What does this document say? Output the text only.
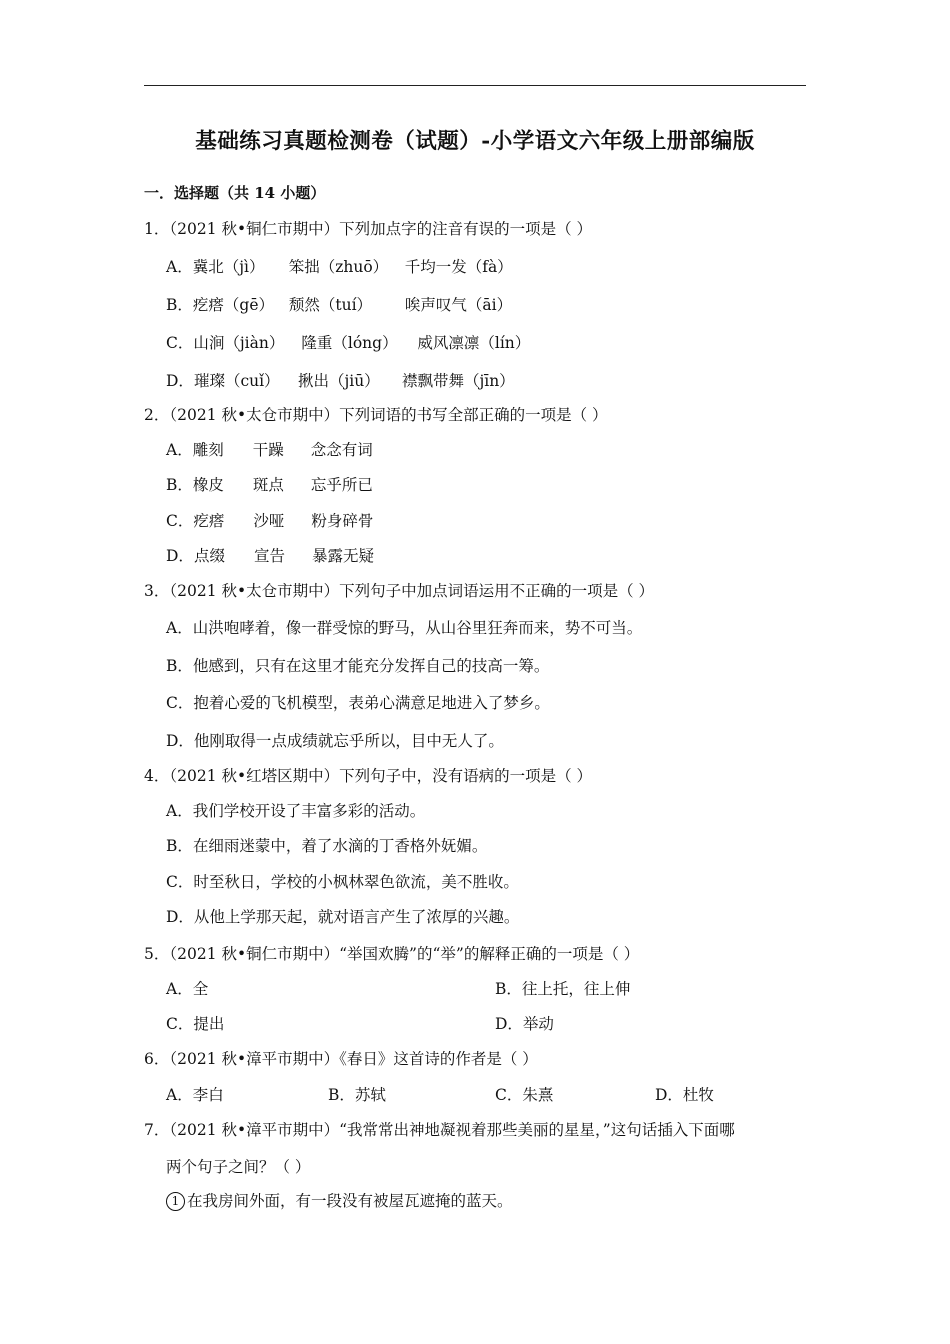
基础练习真题检测卷（试题）-小学语文六年级上册部编版
一．选择题（共 14 小题）
1．（2021 秋•铜仁市期中）下列加点字的注音有误的一项是（ ）
A．冀北（jì） 笨拙（zhuō） 千均一发（fà）
B．疙瘩（gē） 颓然（tuí） 唉声叹气（āi）
C．山涧（jiàn） 隆重（lóng） 威风凛凛（lín）
D．璀璨（cuǐ） 揪出（jiū） 襟飘带舞（jīn）
2．（2021 秋•太仓市期中）下列词语的书写全部正确的一项是（ ）
A．雕刻 干躁 念念有词
B．橡皮 斑点 忘乎所已
C．疙瘩 沙哑 粉身碎骨
D．点缀 宣告 暴露无疑
3．（2021 秋•太仓市期中）下列句子中加点词语运用不正确的一项是（ ）
A．山洪咆哮着，像一群受惊的野马，从山谷里狂奔而来，势不可当。
B．他感到，只有在这里才能充分发挥自己的技高一筹。
C．抱着心爱的飞机模型，表弟心满意足地进入了梦乡。
D．他刚取得一点成绩就忘乎所以，目中无人了。
4．（2021 秋•红塔区期中）下列句子中，没有语病的一项是（ ）
A．我们学校开设了丰富多彩的活动。
B．在细雨迷蒙中，着了水滴的丁香格外妩媚。
C．时至秋日，学校的小枫林翠色欲流，美不胜收。
D．从他上学那天起，就对语言产生了浓厚的兴趣。
5．（2021 秋•铜仁市期中）“举国欢腾”的“举”的解释正确的一项是（ ）
A．全	B．往上托，往上伸
C．提出	D．举动
6．（2021 秋•漳平市期中）《春日》这首诗的作者是（ ）
A．李白	B．苏轼	C．朱熹	D．杜牧
7．（2021 秋•漳平市期中）“我常常出神地凝视着那些美丽的星星，”这句话插入下面哪
两个句子之间？（ ）
1 在我房间外面，有一段没有被屋瓦遮掩的蓝天。
